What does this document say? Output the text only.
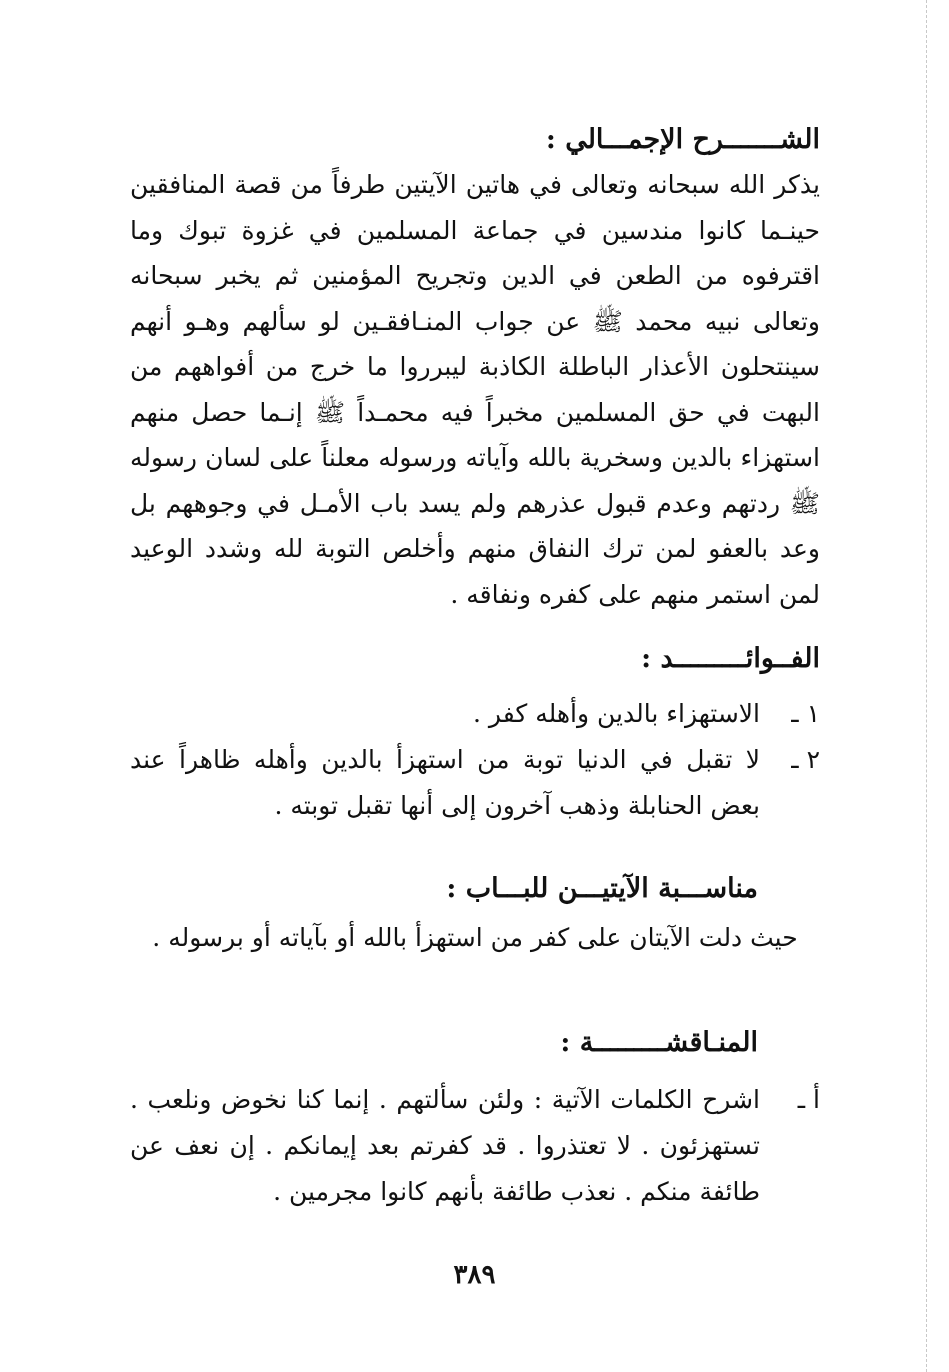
الشـــــــرح الإجمـــالي :

يذكر الله سبحانه وتعالى في هاتين الآيتين طرفاً من قصة المنافقين حينـما كانوا مندسين في جماعة المسلمين في غزوة تبوك وما اقترفوه من الطعن في الدين وتجريح المؤمنين ثم يخبر سبحانه وتعالى نبيه محمد ﷺ عن جواب المنـافقـين لو سألهم وهـو أنهم سينتحلون الأعذار الباطلة الكاذبة ليبرروا ما خرج من أفواههم من البهت في حق المسلمين مخبراً فيه محمـداً ﷺ إنـما حصل منهم استهزاء بالدين وسخرية بالله وآياته ورسوله معلناً على لسان رسوله ﷺ ردتهم وعدم قبول عذرهم ولم يسد باب الأمـل في وجوههم بل وعد بالعفو لمن ترك النفاق منهم وأخلص التوبة لله وشدد الوعيد لمن استمر منهم على كفره ونفاقه .

الفــوائـــــــــد :
١ ـ
الاستهزاء بالدين وأهله كفر .
٢ ـ
لا تقبل في الدنيا توبة من استهزأ بالدين وأهله ظاهراً عند بعض الحنابلة وذهب آخرون إلى أنها تقبل توبته .
مناســـبة الآيتيـــن للبـــاب :
حيث دلت الآيتان على كفر من استهزأ بالله أو بآياته أو برسوله .
المنـاقشـــــــــة :
أ ـ
اشرح الكلمات الآتية : ولئن سألتهم . إنما كنا نخوض ونلعب . تستهزئون . لا تعتذروا . قد كفرتم بعد إيمانكم . إن نعف عن طائفة منكم . نعذب طائفة بأنهم كانوا مجرمين .
٣٨٩
